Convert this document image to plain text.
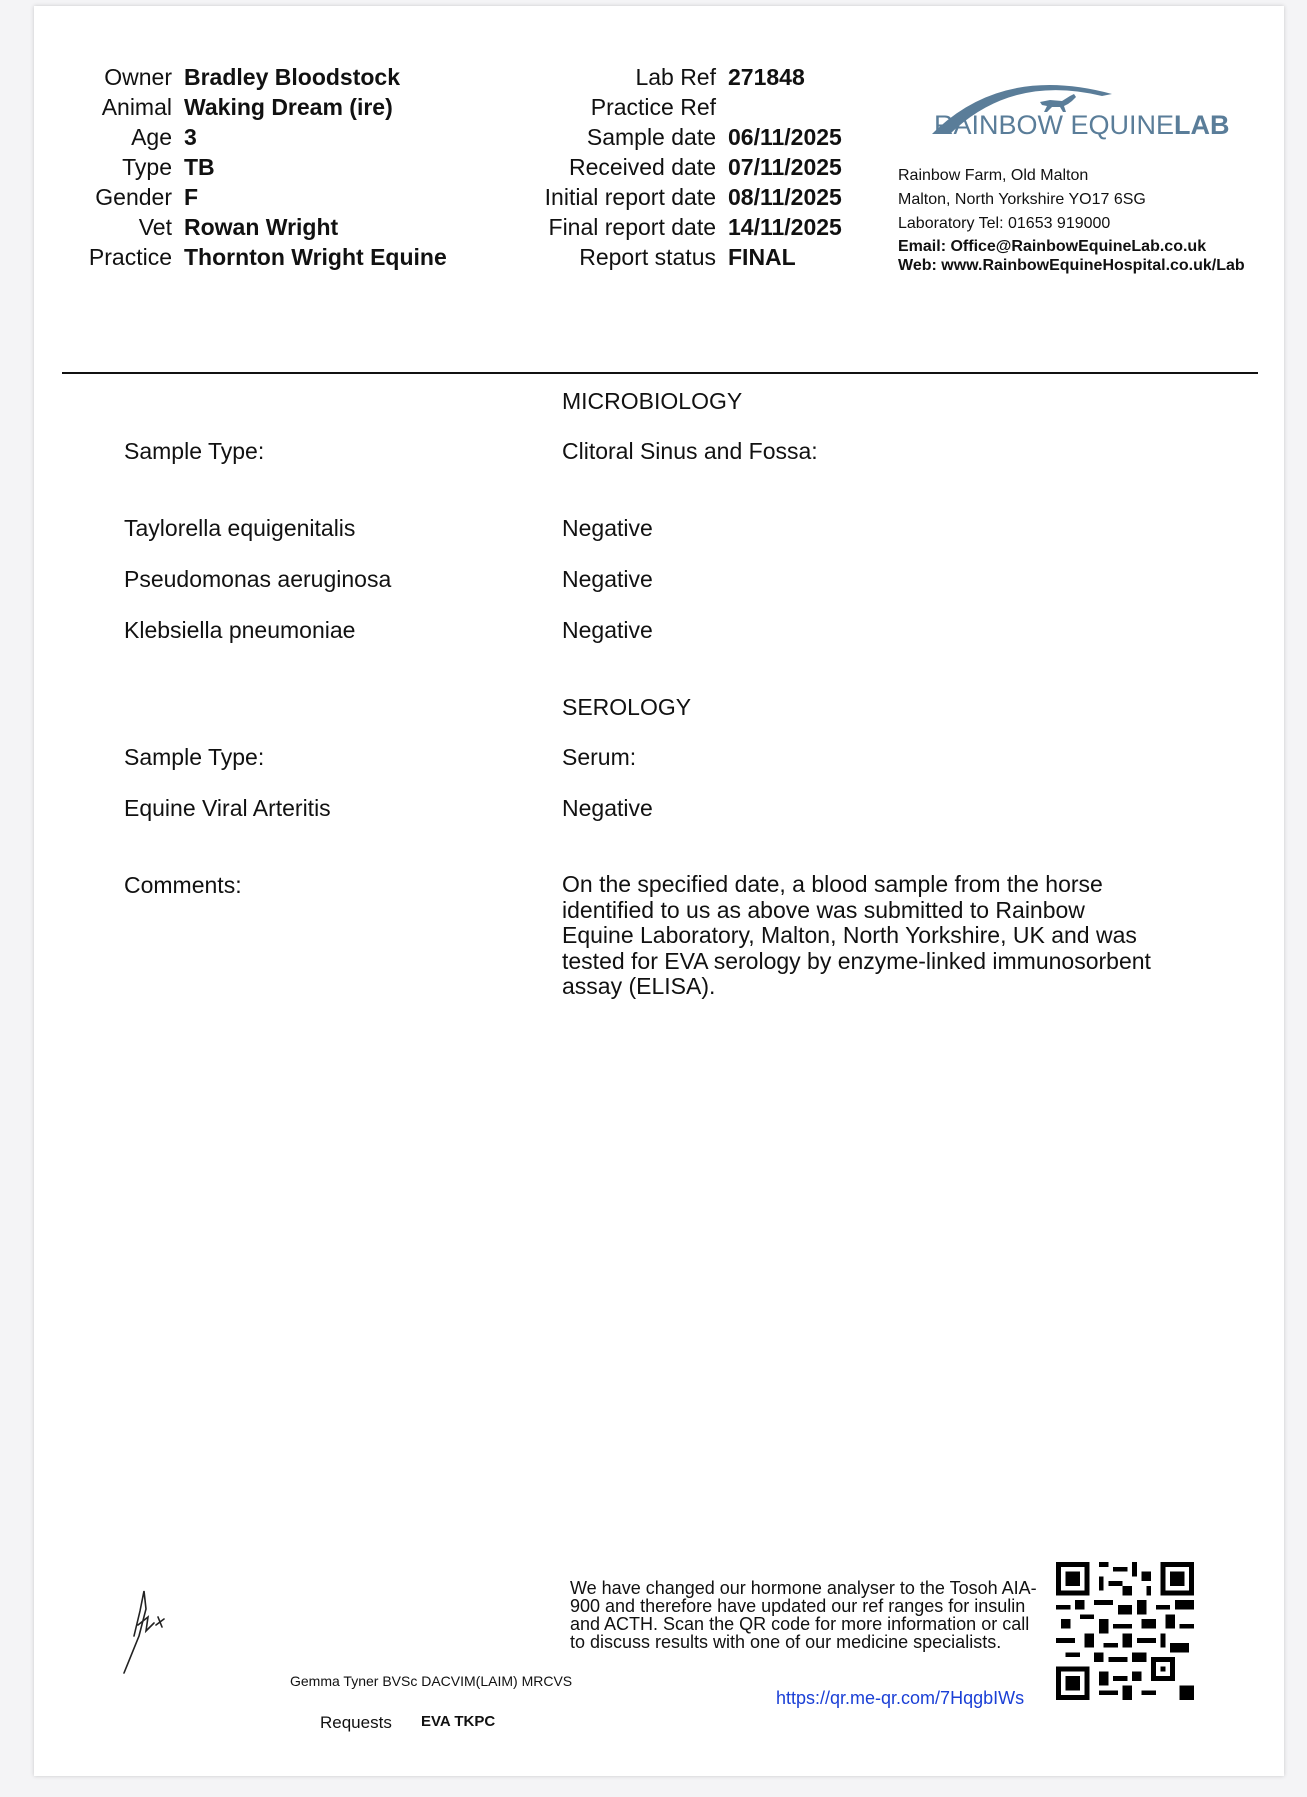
Owner Bradley Bloodstock
Animal Waking Dream (ire)
Age 3
Type TB
Gender F
Vet Rowan Wright
Practice Thornton Wright Equine
Lab Ref 271848
Practice Ref
Sample date 06/11/2025
Received date 07/11/2025
Initial report date 08/11/2025
Final report date 14/11/2025
Report status FINAL
RAINBOW EQUINE LAB
Rainbow Farm, Old Malton
Malton, North Yorkshire YO17 6SG
Laboratory Tel: 01653 919000
Email: Office@RainbowEquineLab.co.uk
Web: www.RainbowEquineHospital.co.uk/Lab
MICROBIOLOGY
Sample Type:	Clitoral Sinus and Fossa:
Taylorella equigenitalis	Negative
Pseudomonas aeruginosa	Negative
Klebsiella pneumoniae	Negative
SEROLOGY
Sample Type:	Serum:
Equine Viral Arteritis	Negative
Comments:	On the specified date, a blood sample from the horse identified to us as above was submitted to Rainbow Equine Laboratory, Malton, North Yorkshire, UK and was tested for EVA serology by enzyme-linked immunosorbent assay (ELISA).
Gemma Tyner BVSc DACVIM(LAIM) MRCVS
Requests EVA TKPC
We have changed our hormone analyser to the Tosoh AIA-900 and therefore have updated our ref ranges for insulin and ACTH. Scan the QR code for more information or call to discuss results with one of our medicine specialists.
https://qr.me-qr.com/7HqgbIWs
